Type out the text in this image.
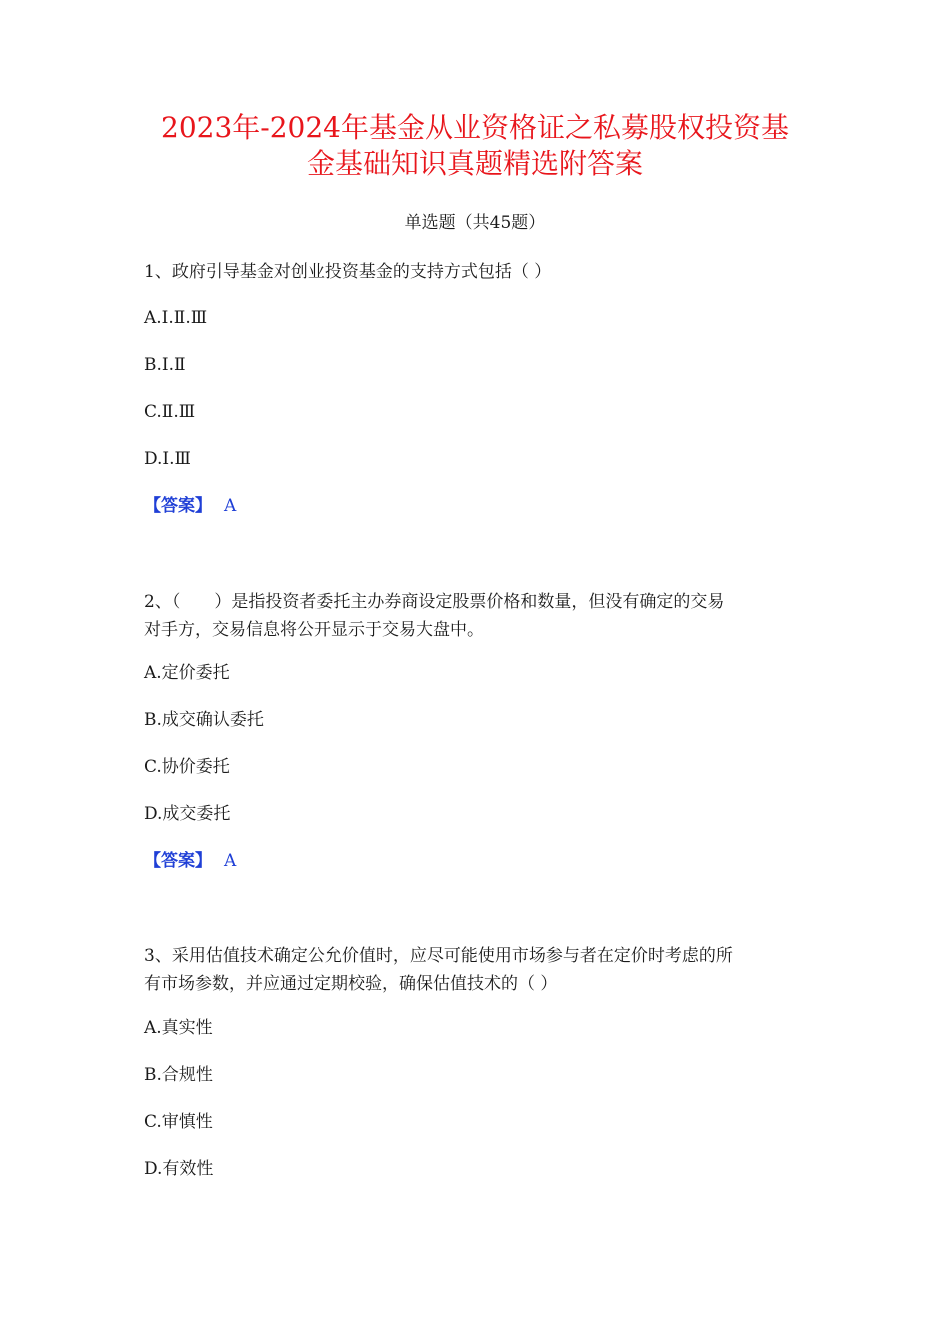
2023年-2024年基金从业资格证之私募股权投资基
金基础知识真题精选附答案
单选题（共45题）
1、政府引导基金对创业投资基金的支持方式包括（ ）
A.Ⅰ.Ⅱ.Ⅲ
B.Ⅰ.Ⅱ
C.Ⅱ.Ⅲ
D.Ⅰ.Ⅲ
【答案】 A
2、（　　）是指投资者委托主办券商设定股票价格和数量，但没有确定的交易
对手方，交易信息将公开显示于交易大盘中。
A.定价委托
B.成交确认委托
C.协价委托
D.成交委托
【答案】 A
3、采用估值技术确定公允价值时，应尽可能使用市场参与者在定价时考虑的所
有市场参数，并应通过定期校验，确保估值技术的（ ）
A.真实性
B.合规性
C.审慎性
D.有效性
